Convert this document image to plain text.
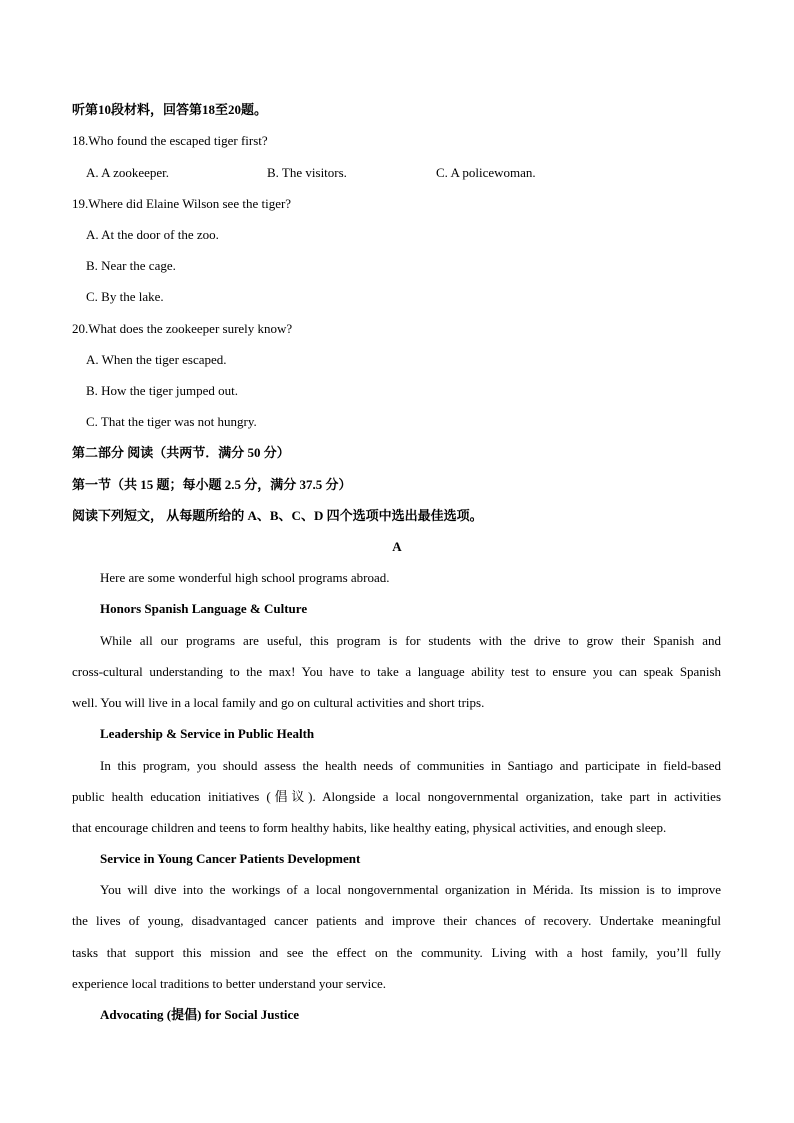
听第10段材料，回答第18至20题。
18.Who found the escaped tiger first?
A. A zookeeper.	B. The visitors.	C. A policewoman.
19.Where did Elaine Wilson see the tiger?
A. At the door of the zoo.
B. Near the cage.
C. By the lake.
20.What does the zookeeper surely know?
A. When the tiger escaped.
B. How the tiger jumped out.
C. That the tiger was not hungry.
第二部分 阅读（共两节．满分 50 分）
第一节（共 15 题；每小题 2.5 分，满分 37.5 分）
阅读下列短文， 从每题所给的 A、B、C、D 四个选项中选出最佳选项。
A
Here are some wonderful high school programs abroad.
Honors Spanish Language & Culture
While all our programs are useful, this program is for students with the drive to grow their Spanish and
cross-cultural understanding to the max! You have to take a language ability test to ensure you can speak Spanish
well. You will live in a local family and go on cultural activities and short trips.
Leadership & Service in Public Health
In this program, you should assess the health needs of communities in Santiago and participate in field-based
public health education initiatives (倡议). Alongside a local nongovernmental organization, take part in activities
that encourage children and teens to form healthy habits, like healthy eating, physical activities, and enough sleep.
Service in Young Cancer Patients Development
You will dive into the workings of a local nongovernmental organization in Mérida. Its mission is to improve
the lives of young, disadvantaged cancer patients and improve their chances of recovery. Undertake meaningful
tasks that support this mission and see the effect on the community. Living with a host family, you’ll fully
experience local traditions to better understand your service.
Advocating (提倡) for Social Justice
